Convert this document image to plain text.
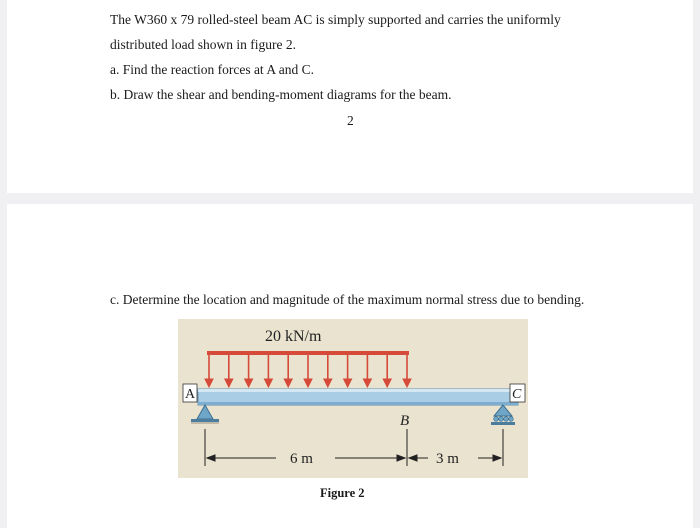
The W360 x 79 rolled-steel beam AC is simply supported and carries the uniformly
distributed load shown in figure 2.
a. Find the reaction forces at A and C.
b. Draw the shear and bending-moment diagrams for the beam.
2
c. Determine the location and magnitude of the maximum normal stress due to bending.
20 kN/m
A	C
B
6 m	3 m
Figure 2
